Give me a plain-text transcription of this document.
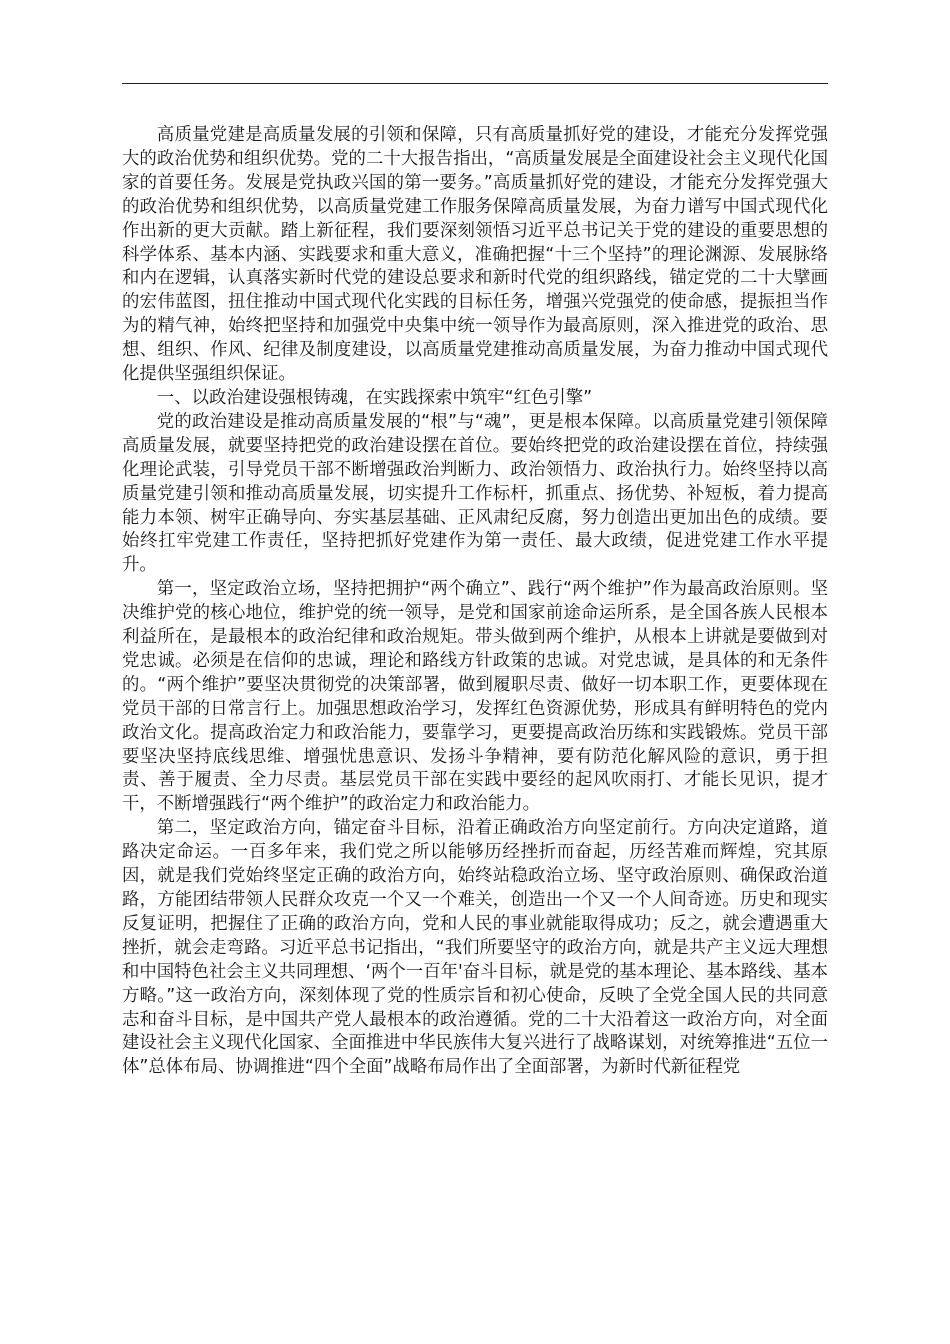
高质量党建是高质量发展的引领和保障，只有高质量抓好党的建设，才能充分发挥党强大的政治优势和组织优势。党的二十大报告指出，“高质量发展是全面建设社会主义现代化国家的首要任务。发展是党执政兴国的第一要务。”高质量抓好党的建设，才能充分发挥党强大的政治优势和组织优势，以高质量党建工作服务保障高质量发展，为奋力谱写中国式现代化作出新的更大贡献。踏上新征程，我们要深刻领悟习近平总书记关于党的建设的重要思想的科学体系、基本内涵、实践要求和重大意义，准确把握“十三个坚持”的理论渊源、发展脉络和内在逻辑，认真落实新时代党的建设总要求和新时代党的组织路线，锚定党的二十大擘画的宏伟蓝图，扭住推动中国式现代化实践的目标任务，增强兴党强党的使命感，提振担当作为的精气神，始终把坚持和加强党中央集中统一领导作为最高原则，深入推进党的政治、思想、组织、作风、纪律及制度建设，以高质量党建推动高质量发展，为奋力推动中国式现代化提供坚强组织保证。

一、以政治建设强根铸魂，在实践探索中筑牢“红色引擎”

党的政治建设是推动高质量发展的“根”与“魂”，更是根本保障。以高质量党建引领保障高质量发展，就要坚持把党的政治建设摆在首位。要始终把党的政治建设摆在首位，持续强化理论武装，引导党员干部不断增强政治判断力、政治领悟力、政治执行力。始终坚持以高质量党建引领和推动高质量发展，切实提升工作标杆，抓重点、扬优势、补短板，着力提高能力本领、树牢正确导向、夯实基层基础、正风肃纪反腐，努力创造出更加出色的成绩。要始终扛牢党建工作责任，坚持把抓好党建作为第一责任、最大政绩，促进党建工作水平提升。

第一，坚定政治立场，坚持把拥护“两个确立”、践行“两个维护”作为最高政治原则。坚决维护党的核心地位，维护党的统一领导，是党和国家前途命运所系，是全国各族人民根本利益所在，是最根本的政治纪律和政治规矩。带头做到两个维护，从根本上讲就是要做到对党忠诚。必须是在信仰的忠诚，理论和路线方针政策的忠诚。对党忠诚，是具体的和无条件的。“两个维护”要坚决贯彻党的决策部署，做到履职尽责、做好一切本职工作，更要体现在党员干部的日常言行上。加强思想政治学习，发挥红色资源优势，形成具有鲜明特色的党内政治文化。提高政治定力和政治能力，要靠学习，更要提高政治历练和实践锻炼。党员干部要坚决坚持底线思维、增强忧患意识、发扬斗争精神，要有防范化解风险的意识，勇于担责、善于履责、全力尽责。基层党员干部在实践中要经的起风吹雨打、才能长见识，提才干，不断增强践行“两个维护”的政治定力和政治能力。

第二，坚定政治方向，锚定奋斗目标，沿着正确政治方向坚定前行。方向决定道路，道路决定命运。一百多年来，我们党之所以能够历经挫折而奋起，历经苦难而辉煌，究其原因，就是我们党始终坚定正确的政治方向，始终站稳政治立场、坚守政治原则、确保政治道路，方能团结带领人民群众攻克一个又一个难关，创造出一个又一个人间奇迹。历史和现实反复证明，把握住了正确的政治方向，党和人民的事业就能取得成功；反之，就会遭遇重大挫折，就会走弯路。习近平总书记指出，“我们所要坚守的政治方向，就是共产主义远大理想和中国特色社会主义共同理想、‘两个一百年'奋斗目标，就是党的基本理论、基本路线、基本方略。”这一政治方向，深刻体现了党的性质宗旨和初心使命，反映了全党全国人民的共同意志和奋斗目标，是中国共产党人最根本的政治遵循。党的二十大沿着这一政治方向，对全面建设社会主义现代化国家、全面推进中华民族伟大复兴进行了战略谋划，对统筹推进“五位一体”总体布局、协调推进“四个全面”战略布局作出了全面部署，为新时代新征程党
